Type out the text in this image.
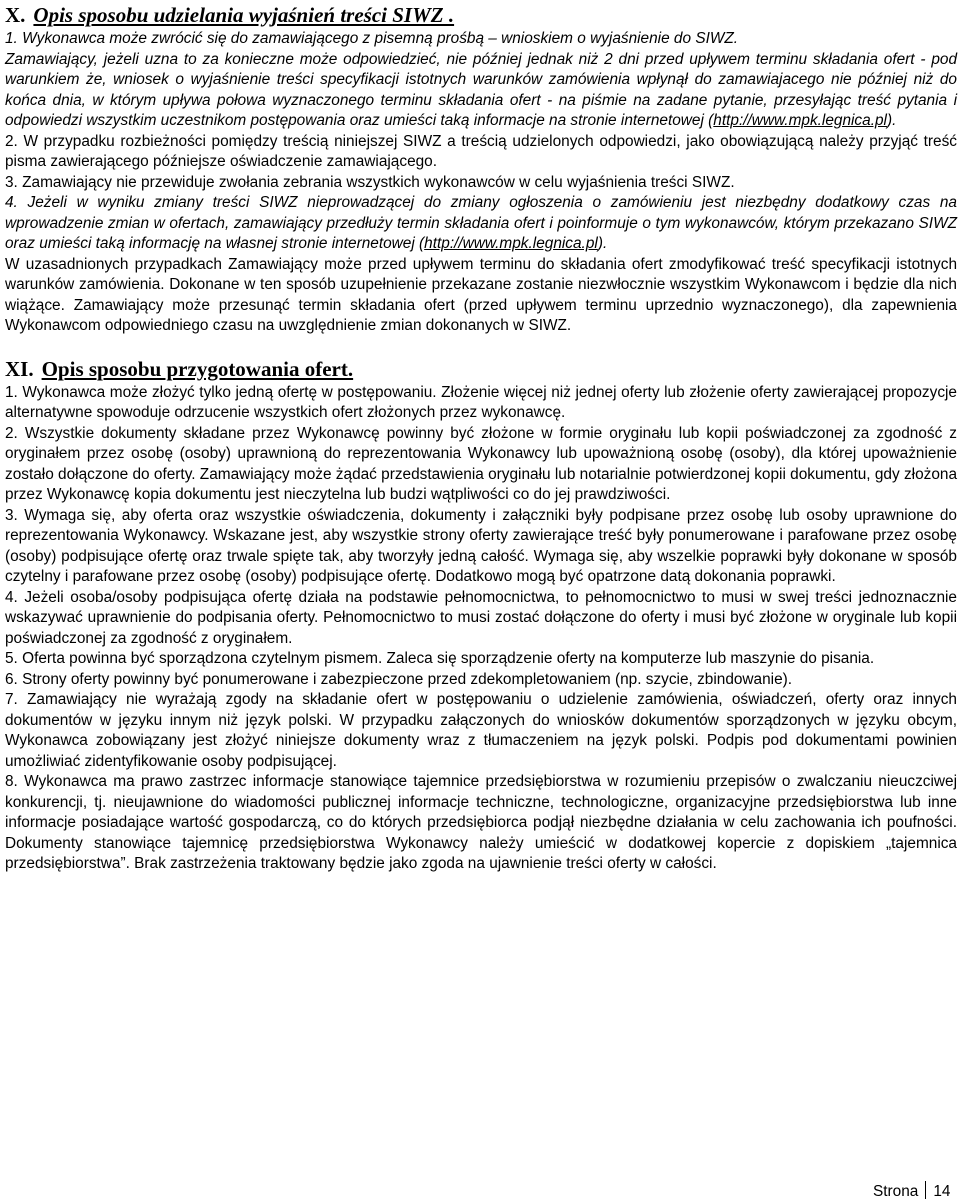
X. Opis sposobu udzielania wyjaśnień treści SIWZ .

1. Wykonawca może zwrócić się do zamawiającego z pisemną prośbą – wnioskiem o wyjaśnienie do SIWZ.

Zamawiający, jeżeli uzna to za konieczne może odpowiedzieć, nie później jednak niż 2 dni przed upływem terminu składania ofert - pod warunkiem że, wniosek o wyjaśnienie treści specyfikacji istotnych warunków zamówienia wpłynął do zamawiajacego nie później niż do końca dnia, w którym upływa połowa wyznaczonego terminu składania ofert - na piśmie na zadane pytanie, przesyłając treść pytania i odpowiedzi wszystkim uczestnikom postępowania oraz umieści taką informacje na stronie internetowej (http://www.mpk.legnica.pl).

2. W przypadku rozbieżności pomiędzy treścią niniejszej SIWZ a treścią udzielonych odpowiedzi, jako obowiązującą należy przyjąć treść pisma zawierającego późniejsze oświadczenie zamawiającego.

3. Zamawiający nie przewiduje zwołania zebrania wszystkich wykonawców w celu wyjaśnienia treści SIWZ.

4. Jeżeli w wyniku zmiany treści SIWZ nieprowadzącej do zmiany ogłoszenia o zamówieniu jest niezbędny dodatkowy czas na wprowadzenie zmian w ofertach, zamawiający przedłuży termin składania ofert i poinformuje o tym wykonawców, którym przekazano SIWZ oraz umieści taką informację na własnej stronie internetowej (http://www.mpk.legnica.pl).

W uzasadnionych przypadkach Zamawiający może przed upływem terminu do składania ofert zmodyfikować treść specyfikacji istotnych warunków zamówienia. Dokonane w ten sposób uzupełnienie przekazane zostanie niezwłocznie wszystkim Wykonawcom i będzie dla nich wiążące. Zamawiający może przesunąć termin składania ofert (przed upływem terminu uprzednio wyznaczonego), dla zapewnienia Wykonawcom odpowiedniego czasu na uwzględnienie zmian dokonanych w SIWZ.

XI. Opis sposobu przygotowania ofert.

1. Wykonawca może złożyć tylko jedną ofertę w postępowaniu. Złożenie więcej niż jednej oferty lub złożenie oferty zawierającej propozycje alternatywne spowoduje odrzucenie wszystkich ofert złożonych przez wykonawcę.

2. Wszystkie dokumenty składane przez Wykonawcę powinny być złożone w formie oryginału lub kopii poświadczonej za zgodność z oryginałem przez osobę (osoby) uprawnioną do reprezentowania Wykonawcy lub upoważnioną osobę (osoby), dla której upoważnienie zostało dołączone do oferty. Zamawiający może żądać przedstawienia oryginału lub notarialnie potwierdzonej kopii dokumentu, gdy złożona przez Wykonawcę kopia dokumentu jest nieczytelna lub budzi wątpliwości co do jej prawdziwości.

3. Wymaga się, aby oferta oraz wszystkie oświadczenia, dokumenty i załączniki były podpisane przez osobę lub osoby uprawnione do reprezentowania Wykonawcy. Wskazane jest, aby wszystkie strony oferty zawierające treść były ponumerowane i parafowane przez osobę (osoby) podpisujące ofertę oraz trwale spięte tak, aby tworzyły jedną całość. Wymaga się, aby wszelkie poprawki były dokonane w sposób czytelny i parafowane przez osobę (osoby) podpisujące ofertę. Dodatkowo mogą być opatrzone datą dokonania poprawki.

4. Jeżeli osoba/osoby podpisująca ofertę działa na podstawie pełnomocnictwa, to pełnomocnictwo to musi w swej treści jednoznacznie wskazywać uprawnienie do podpisania oferty. Pełnomocnictwo to musi zostać dołączone do oferty i musi być złożone w oryginale lub kopii poświadczonej za zgodność z oryginałem.

5. Oferta powinna być sporządzona czytelnym pismem. Zaleca się sporządzenie oferty na komputerze lub maszynie do pisania.

6. Strony oferty powinny być ponumerowane i zabezpieczone przed zdekompletowaniem (np. szycie, zbindowanie).

7. Zamawiający nie wyrażają zgody na składanie ofert w postępowaniu o udzielenie zamówienia, oświadczeń, oferty oraz innych dokumentów w języku innym niż język polski. W przypadku załączonych do wniosków dokumentów sporządzonych w języku obcym, Wykonawca zobowiązany jest złożyć niniejsze dokumenty wraz z tłumaczeniem na język polski. Podpis pod dokumentami powinien umożliwiać zidentyfikowanie osoby podpisującej.

8. Wykonawca ma prawo zastrzec informacje stanowiące tajemnice przedsiębiorstwa w rozumieniu przepisów o zwalczaniu nieuczciwej konkurencji, tj. nieujawnione do wiadomości publicznej informacje techniczne, technologiczne, organizacyjne przedsiębiorstwa lub inne informacje posiadające wartość gospodarczą, co do których przedsiębiorca podjął niezbędne działania w celu zachowania ich poufności. Dokumenty stanowiące tajemnicę przedsiębiorstwa Wykonawcy należy umieścić w dodatkowej kopercie z dopiskiem „tajemnica przedsiębiorstwa”. Brak zastrzeżenia traktowany będzie jako zgoda na ujawnienie treści oferty w całości.

Strona 14
